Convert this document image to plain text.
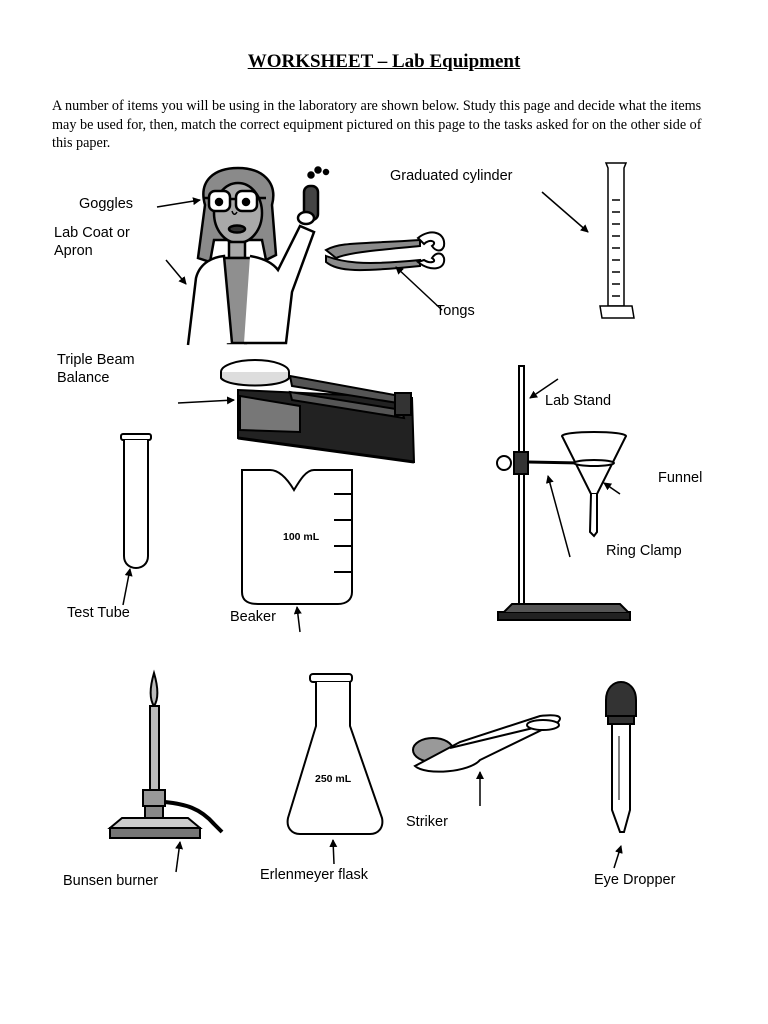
WORKSHEET – Lab Equipment
A number of items you will be using in the laboratory are shown below. Study this page and decide what the items may be used for, then, match the correct equipment pictured on this page to the tasks asked for on the other side of this paper.
100 mL
250 mL
Goggles
Lab Coat or
Apron
Graduated cylinder
Tongs
Triple Beam
Balance
Lab Stand
Funnel
Ring Clamp
Test Tube	Beaker
Bunsen burner	Erlenmeyer flask
Striker
Eye Dropper
